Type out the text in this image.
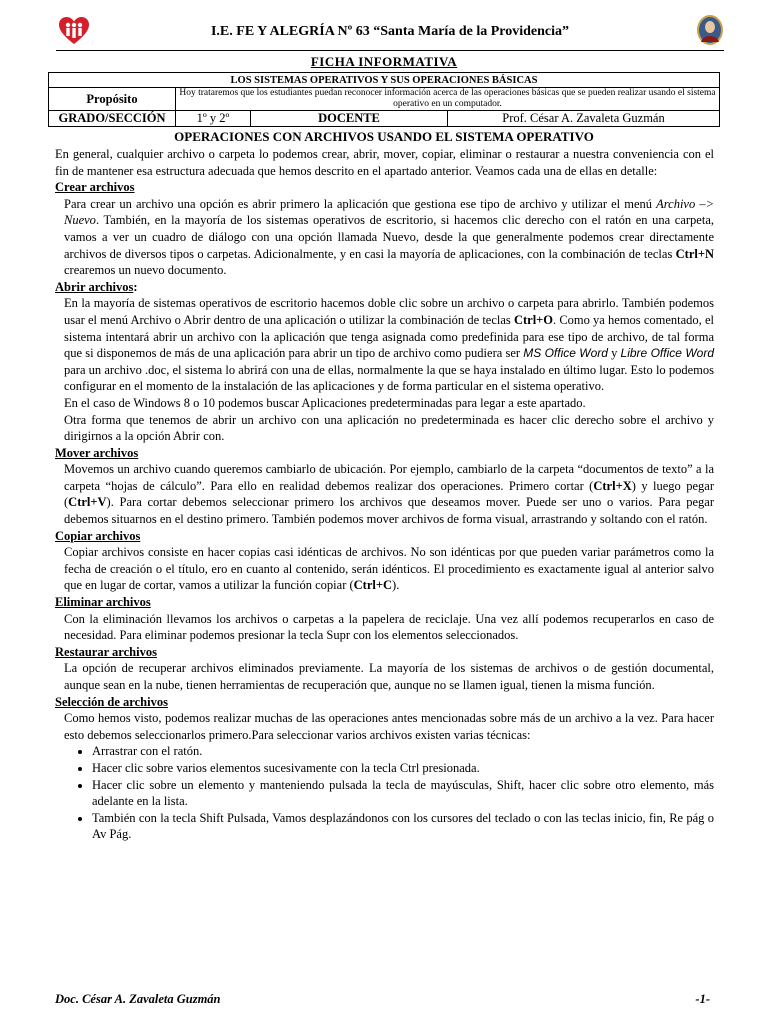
I.E. FE Y ALEGRÍA Nº 63 “Santa María de la Providencia”
FICHA INFORMATIVA
LOS SISTEMAS OPERATIVOS Y SUS OPERACIONES BÁSICAS			
Propósito	Hoy trataremos que los estudiantes puedan reconocer información acerca de las operaciones básicas que se pueden realizar usando el sistema operativo en un computador.		
GRADO/SECCIÓN	1º y 2º	DOCENTE	Prof. César A. Zavaleta Guzmán
OPERACIONES CON ARCHIVOS USANDO EL SISTEMA OPERATIVO

En general, cualquier archivo o carpeta lo podemos crear, abrir, mover, copiar, eliminar o restaurar a nuestra conveniencia con el fin de mantener esa estructura adecuada que hemos descrito en el apartado anterior. Veamos cada una de ellas en detalle:

Crear archivos

Para crear un archivo una opción es abrir primero la aplicación que gestiona ese tipo de archivo y utilizar el menú Archivo –> Nuevo. También, en la mayoría de los sistemas operativos de escritorio, si hacemos clic derecho con el ratón en una carpeta, vamos a ver un cuadro de diálogo con una opción llamada Nuevo, desde la que generalmente podemos crear directamente archivos de diversos tipos o carpetas. Adicionalmente, y en casi la mayoría de aplicaciones, con la combinación de teclas Ctrl+N crearemos un nuevo documento.

Abrir archivos:

En la mayoría de sistemas operativos de escritorio hacemos doble clic sobre un archivo o carpeta para abrirlo. También podemos usar el menú Archivo o Abrir dentro de una aplicación o utilizar la combinación de teclas Ctrl+O. Como ya hemos comentado, el sistema intentará abrir un archivo con la aplicación que tenga asignada como predefinida para ese tipo de archivo, de tal forma que si disponemos de más de una aplicación para abrir un tipo de archivo como pudiera ser MS Office Word y Libre Office Word para un archivo .doc, el sistema lo abrirá con una de ellas, normalmente la que se haya instalado en último lugar. Esto lo podemos configurar en el momento de la instalación de las aplicaciones y de forma particular en el sistema operativo.

En el caso de Windows 8 o 10 podemos buscar Aplicaciones predeterminadas para legar a este apartado.

Otra forma que tenemos de abrir un archivo con una aplicación no predeterminada es hacer clic derecho sobre el archivo y dirigirnos a la opción Abrir con.

Mover archivos

Movemos un archivo cuando queremos cambiarlo de ubicación. Por ejemplo, cambiarlo de la carpeta “documentos de texto” a la carpeta “hojas de cálculo”. Para ello en realidad debemos realizar dos operaciones. Primero cortar (Ctrl+X) y luego pegar (Ctrl+V). Para cortar debemos seleccionar primero los archivos que deseamos mover. Puede ser uno o varios. Para pegar debemos situarnos en el destino primero. También podemos mover archivos de forma visual, arrastrando y soltando con el ratón.

Copiar archivos

Copiar archivos consiste en hacer copias casi idénticas de archivos. No son idénticas por que pueden variar parámetros como la fecha de creación o el título, ero en cuanto al contenido, serán idénticos. El procedimiento es exactamente igual al anterior salvo que en lugar de cortar, vamos a utilizar la función copiar (Ctrl+C).

Eliminar archivos

Con la eliminación llevamos los archivos o carpetas a la papelera de reciclaje. Una vez allí podemos recuperarlos en caso de necesidad. Para eliminar podemos presionar la tecla Supr con los elementos seleccionados.

Restaurar archivos

La opción de recuperar archivos eliminados previamente. La mayoría de los sistemas de archivos o de gestión documental, aunque sean en la nube, tienen herramientas de recuperación que, aunque no se llamen igual, tienen la misma función.

Selección de archivos

Como hemos visto, podemos realizar muchas de las operaciones antes mencionadas sobre más de un archivo a la vez. Para hacer esto debemos seleccionarlos primero.Para seleccionar varios archivos existen varias técnicas:

• Arrastrar con el ratón.
• Hacer clic sobre varios elementos sucesivamente con la tecla Ctrl presionada.
• Hacer clic sobre un elemento y manteniendo pulsada la tecla de mayúsculas, Shift, hacer clic sobre otro elemento, más adelante en la lista.
• También con la tecla Shift Pulsada, Vamos desplazándonos con los cursores del teclado o con las teclas inicio, fin, Re pág o Av Pág.
Doc. César A. Zavaleta Guzmán	-1-
